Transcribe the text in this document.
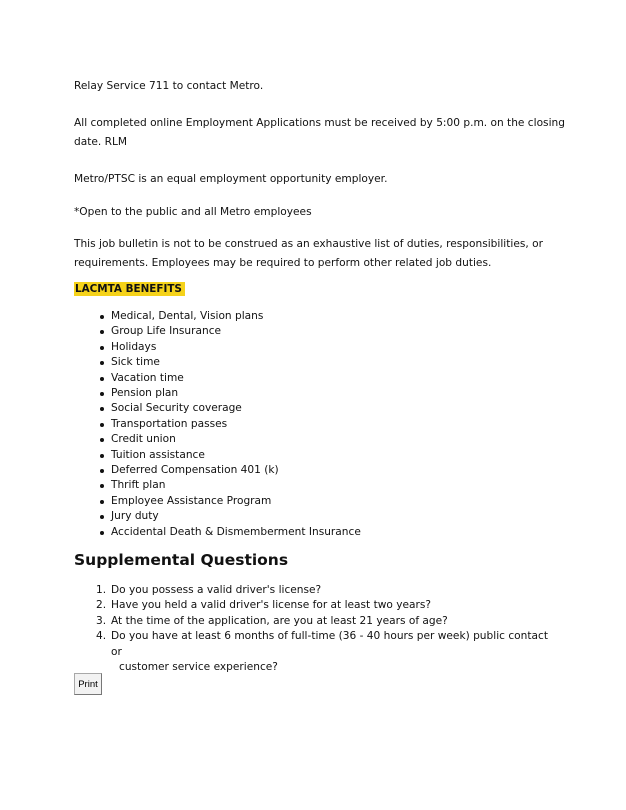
Relay Service 711 to contact Metro.

All completed online Employment Applications must be received by 5:00 p.m. on the closing

date. RLM

Metro/PTSC is an equal employment opportunity employer.

*Open to the public and all Metro employees

This job bulletin is not to be construed as an exhaustive list of duties, responsibilities, or

requirements. Employees may be required to perform other related job duties.

LACMTA BENEFITS

Medical, Dental, Vision plans
Group Life Insurance
Holidays
Sick time
Vacation time
Pension plan
Social Security coverage
Transportation passes
Credit union
Tuition assistance
Deferred Compensation 401 (k)
Thrift plan
Employee Assistance Program
Jury duty
Accidental Death & Dismemberment Insurance
Supplemental Questions
1. Do you possess a valid driver's license?
2. Have you held a valid driver's license for at least two years?
3. At the time of the application, are you at least 21 years of age?
4. Do you have at least 6 months of full-time (36 - 40 hours per week) public contact or
customer service experience?
Print
